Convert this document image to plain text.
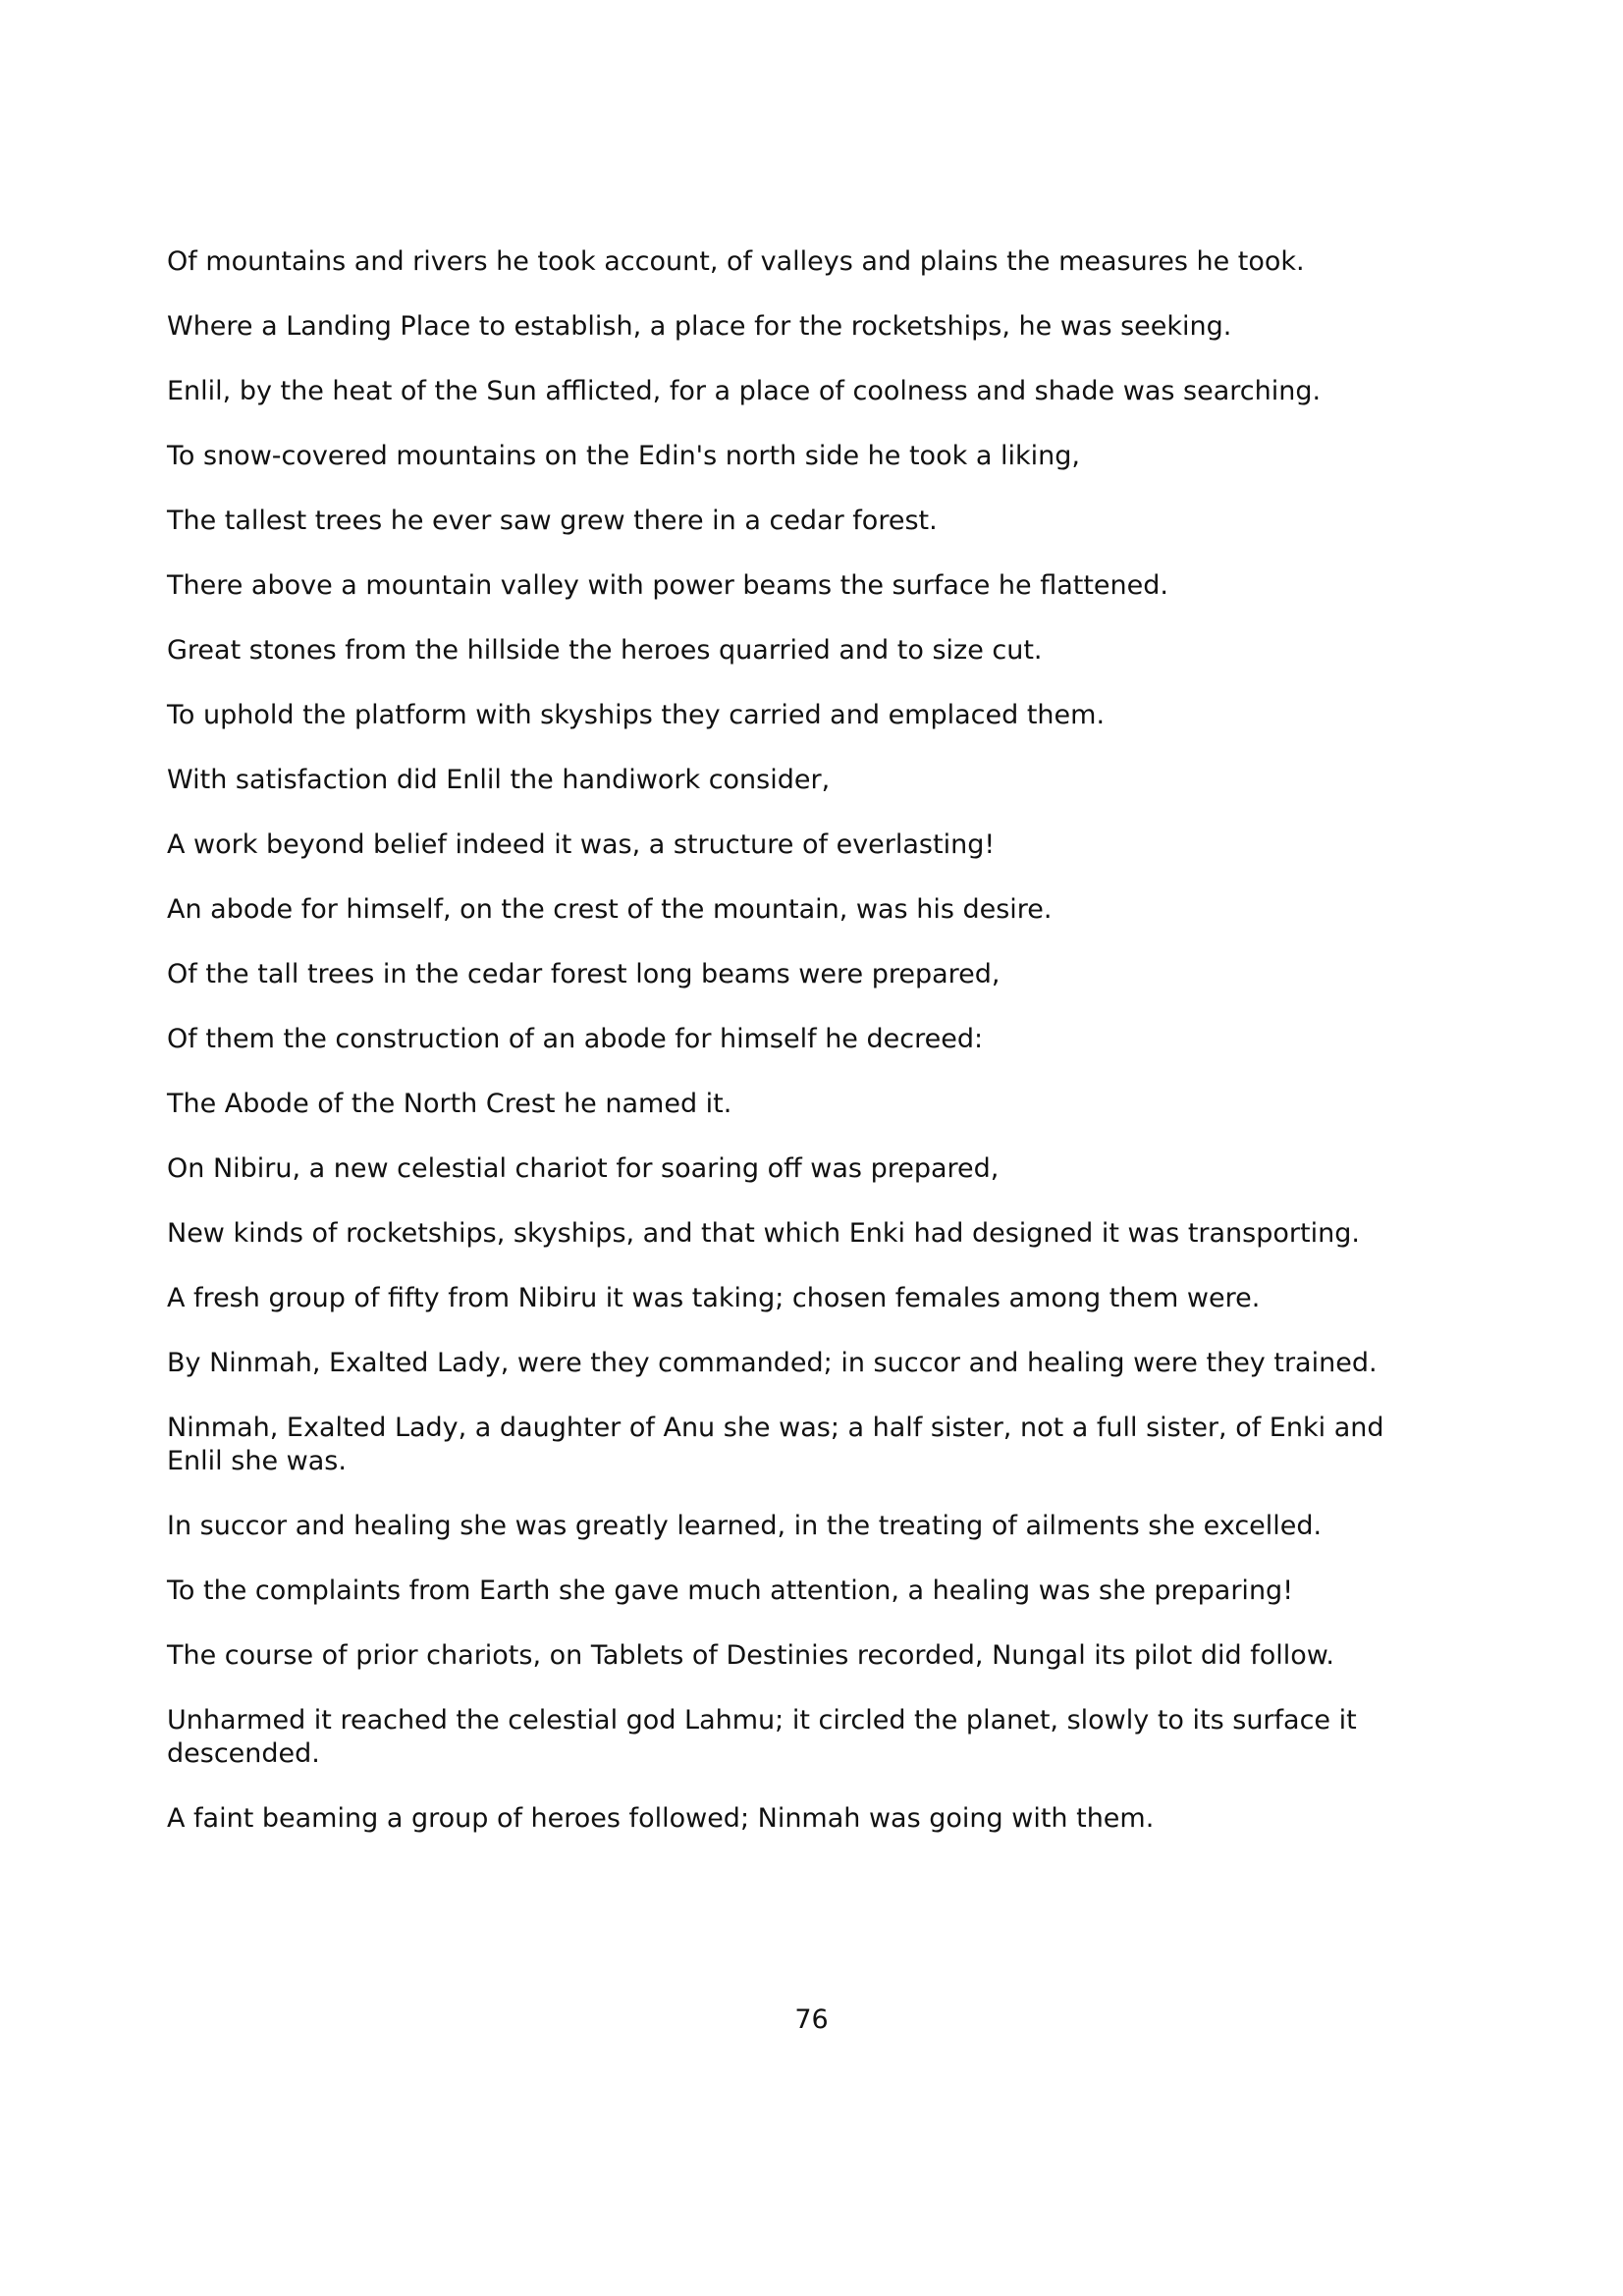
Of mountains and rivers he took account, of valleys and plains the measures he took.
Where a Landing Place to establish, a place for the rocketships, he was seeking.
Enlil, by the heat of the Sun afflicted, for a place of coolness and shade was searching.
To snow-covered mountains on the Edin's north side he took a liking,
The tallest trees he ever saw grew there in a cedar forest.
There above a mountain valley with power beams the surface he flattened.
Great stones from the hillside the heroes quarried and to size cut.
To uphold the platform with skyships they carried and emplaced them.
With satisfaction did Enlil the handiwork consider,
A work beyond belief indeed it was, a structure of everlasting!
An abode for himself, on the crest of the mountain, was his desire.
Of the tall trees in the cedar forest long beams were prepared,
Of them the construction of an abode for himself he decreed:
The Abode of the North Crest he named it.
On Nibiru, a new celestial chariot for soaring off was prepared,
New kinds of rocketships, skyships, and that which Enki had designed it was transporting.
A fresh group of fifty from Nibiru it was taking; chosen females among them were.
By Ninmah, Exalted Lady, were they commanded; in succor and healing were they trained.
Ninmah, Exalted Lady, a daughter of Anu she was; a half sister, not a full sister, of Enki and Enlil she was.
In succor and healing she was greatly learned, in the treating of ailments she excelled.
To the complaints from Earth she gave much attention, a healing was she preparing!
The course of prior chariots, on Tablets of Destinies recorded, Nungal its pilot did follow.
Unharmed it reached the celestial god Lahmu; it circled the planet, slowly to its surface it descended.
A faint beaming a group of heroes followed; Ninmah was going with them.
76
